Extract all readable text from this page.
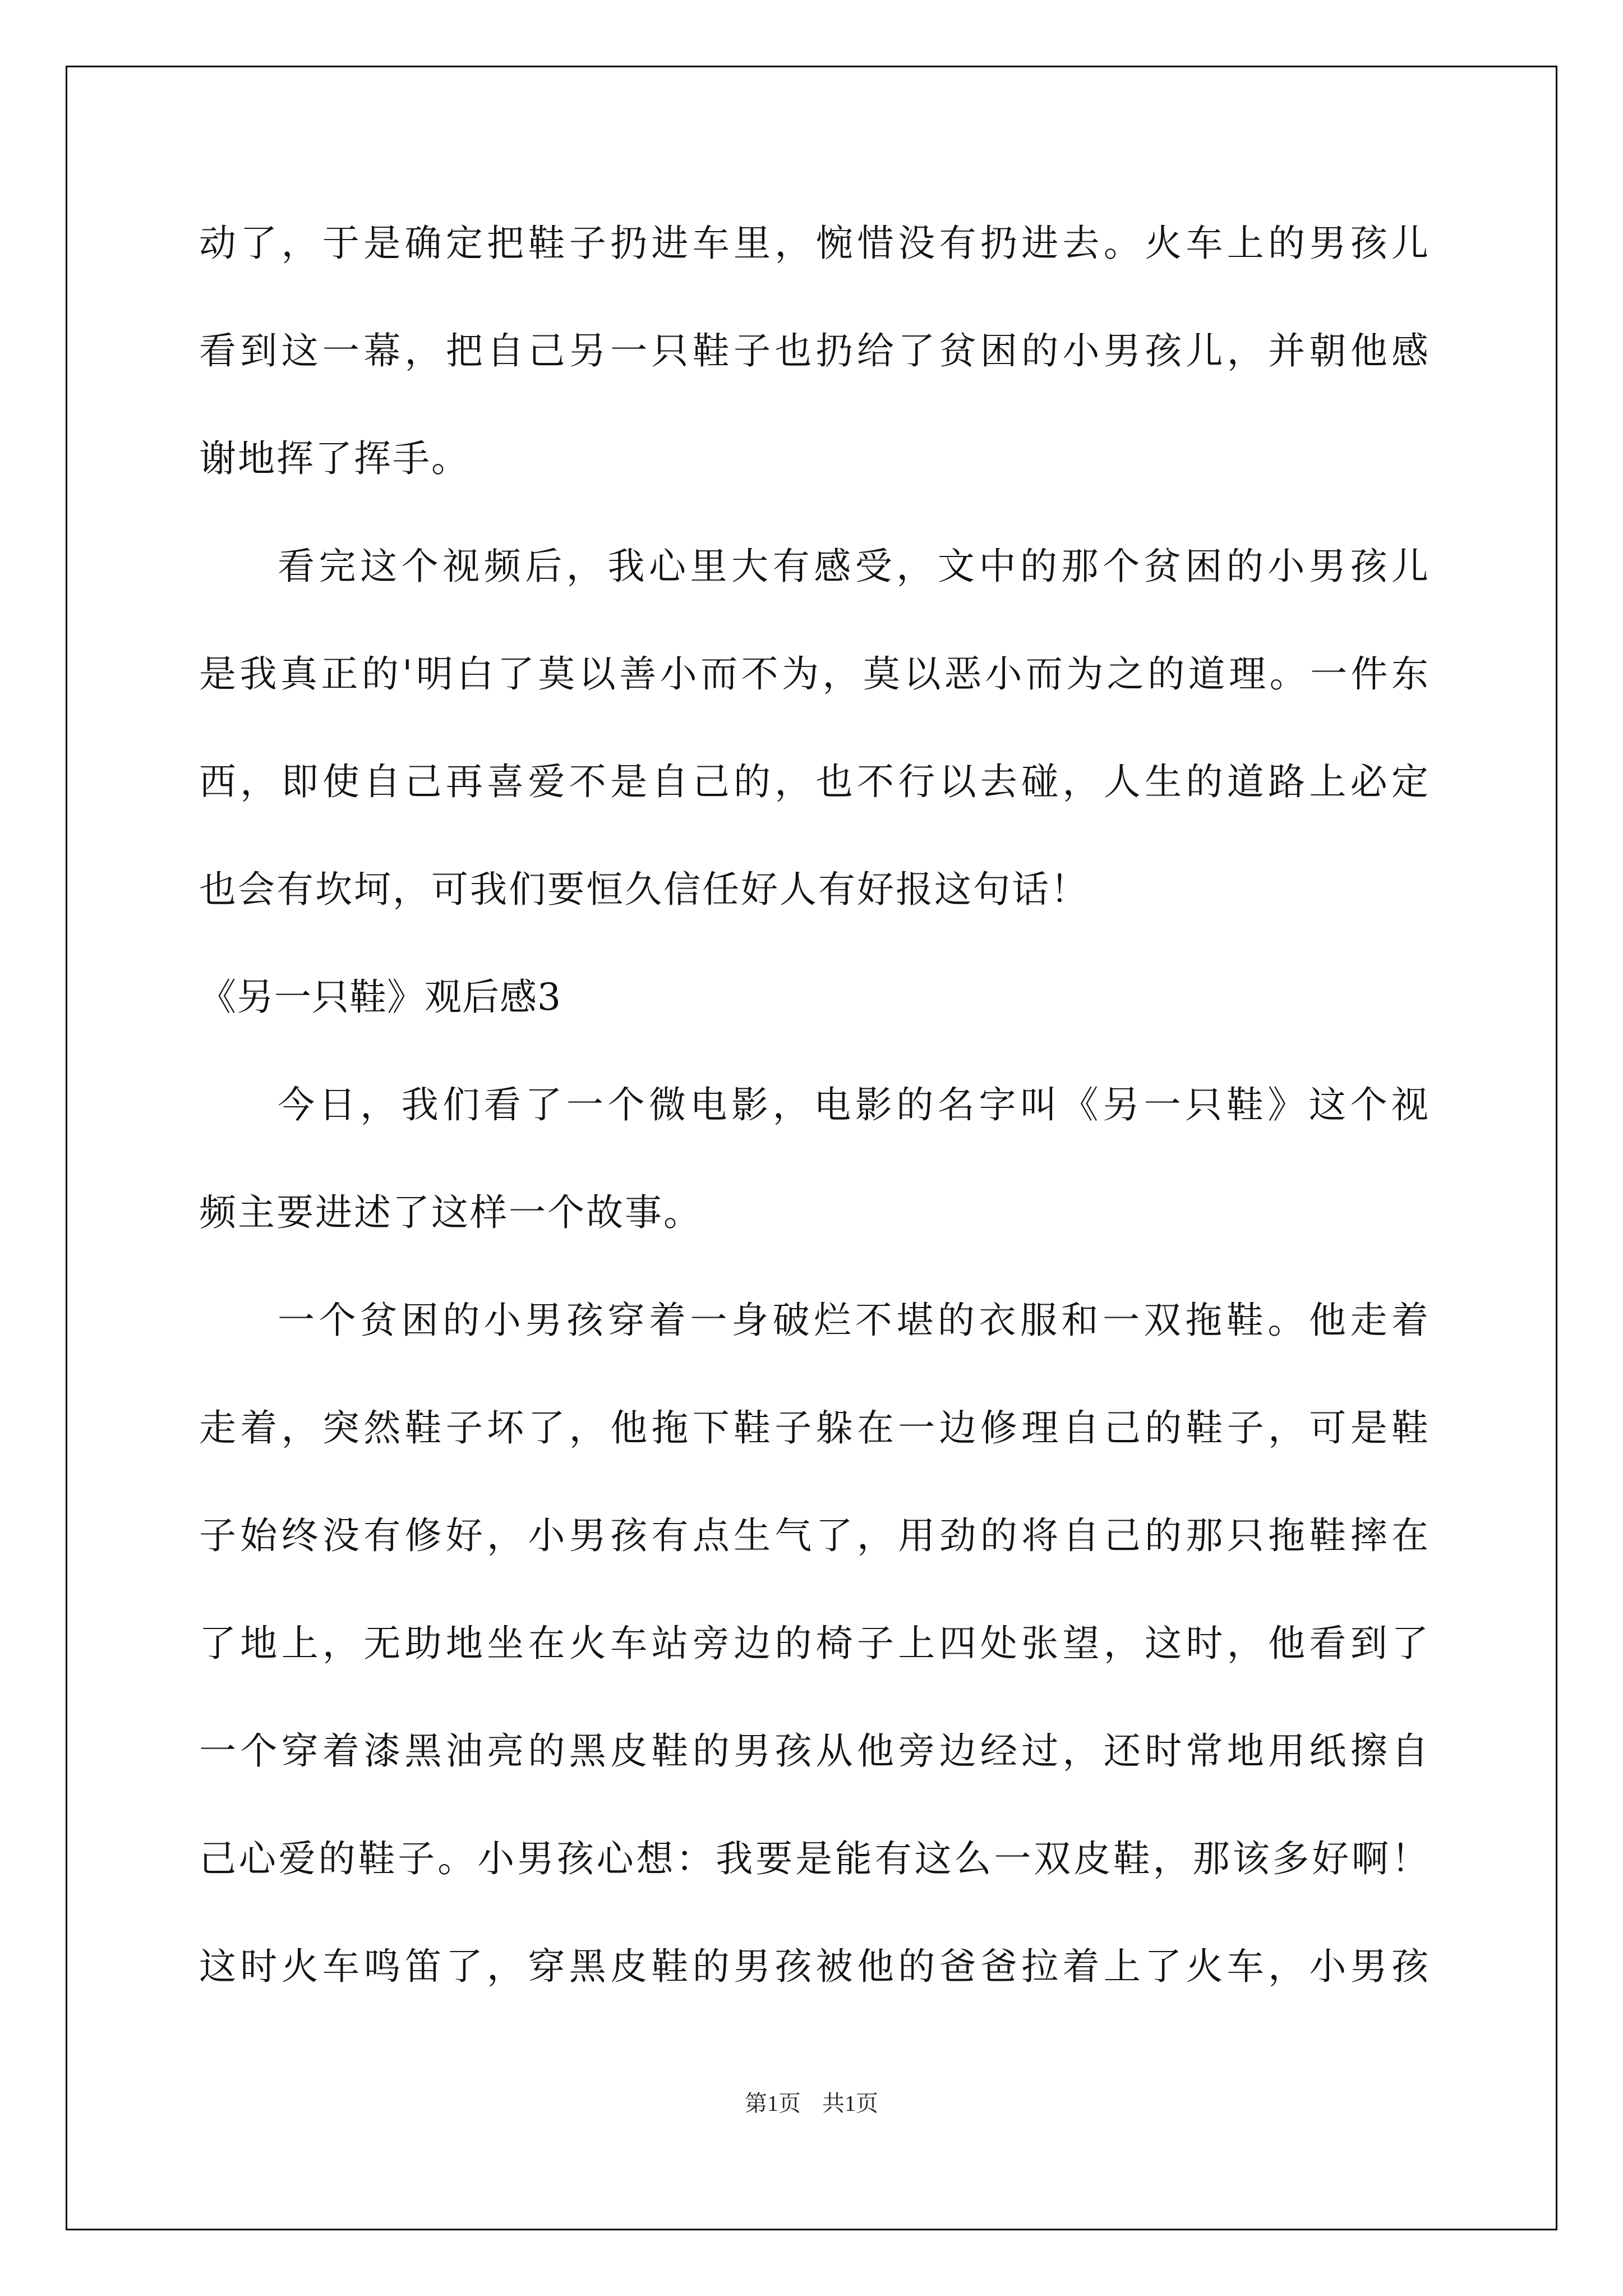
动了，于是确定把鞋子扔进车里，惋惜没有扔进去。火车上的男孩儿
看到这一幕，把自己另一只鞋子也扔给了贫困的小男孩儿，并朝他感
谢地挥了挥手。
看完这个视频后，我心里大有感受，文中的那个贫困的小男孩儿
是我真正的'明白了莫以善小而不为，莫以恶小而为之的道理。一件东
西，即使自己再喜爱不是自己的，也不行以去碰，人生的道路上必定
也会有坎坷，可我们要恒久信任好人有好报这句话！
《另一只鞋》观后感3
今日，我们看了一个微电影，电影的名字叫《另一只鞋》这个视
频主要进述了这样一个故事。
一个贫困的小男孩穿着一身破烂不堪的衣服和一双拖鞋。他走着
走着，突然鞋子坏了，他拖下鞋子躲在一边修理自己的鞋子，可是鞋
子始终没有修好，小男孩有点生气了，用劲的将自己的那只拖鞋摔在
了地上，无助地坐在火车站旁边的椅子上四处张望，这时，他看到了
一个穿着漆黑油亮的黑皮鞋的男孩从他旁边经过，还时常地用纸擦自
己心爱的鞋子。小男孩心想：我要是能有这么一双皮鞋，那该多好啊！
这时火车鸣笛了，穿黑皮鞋的男孩被他的爸爸拉着上了火车，小男孩
第1页 共1页
